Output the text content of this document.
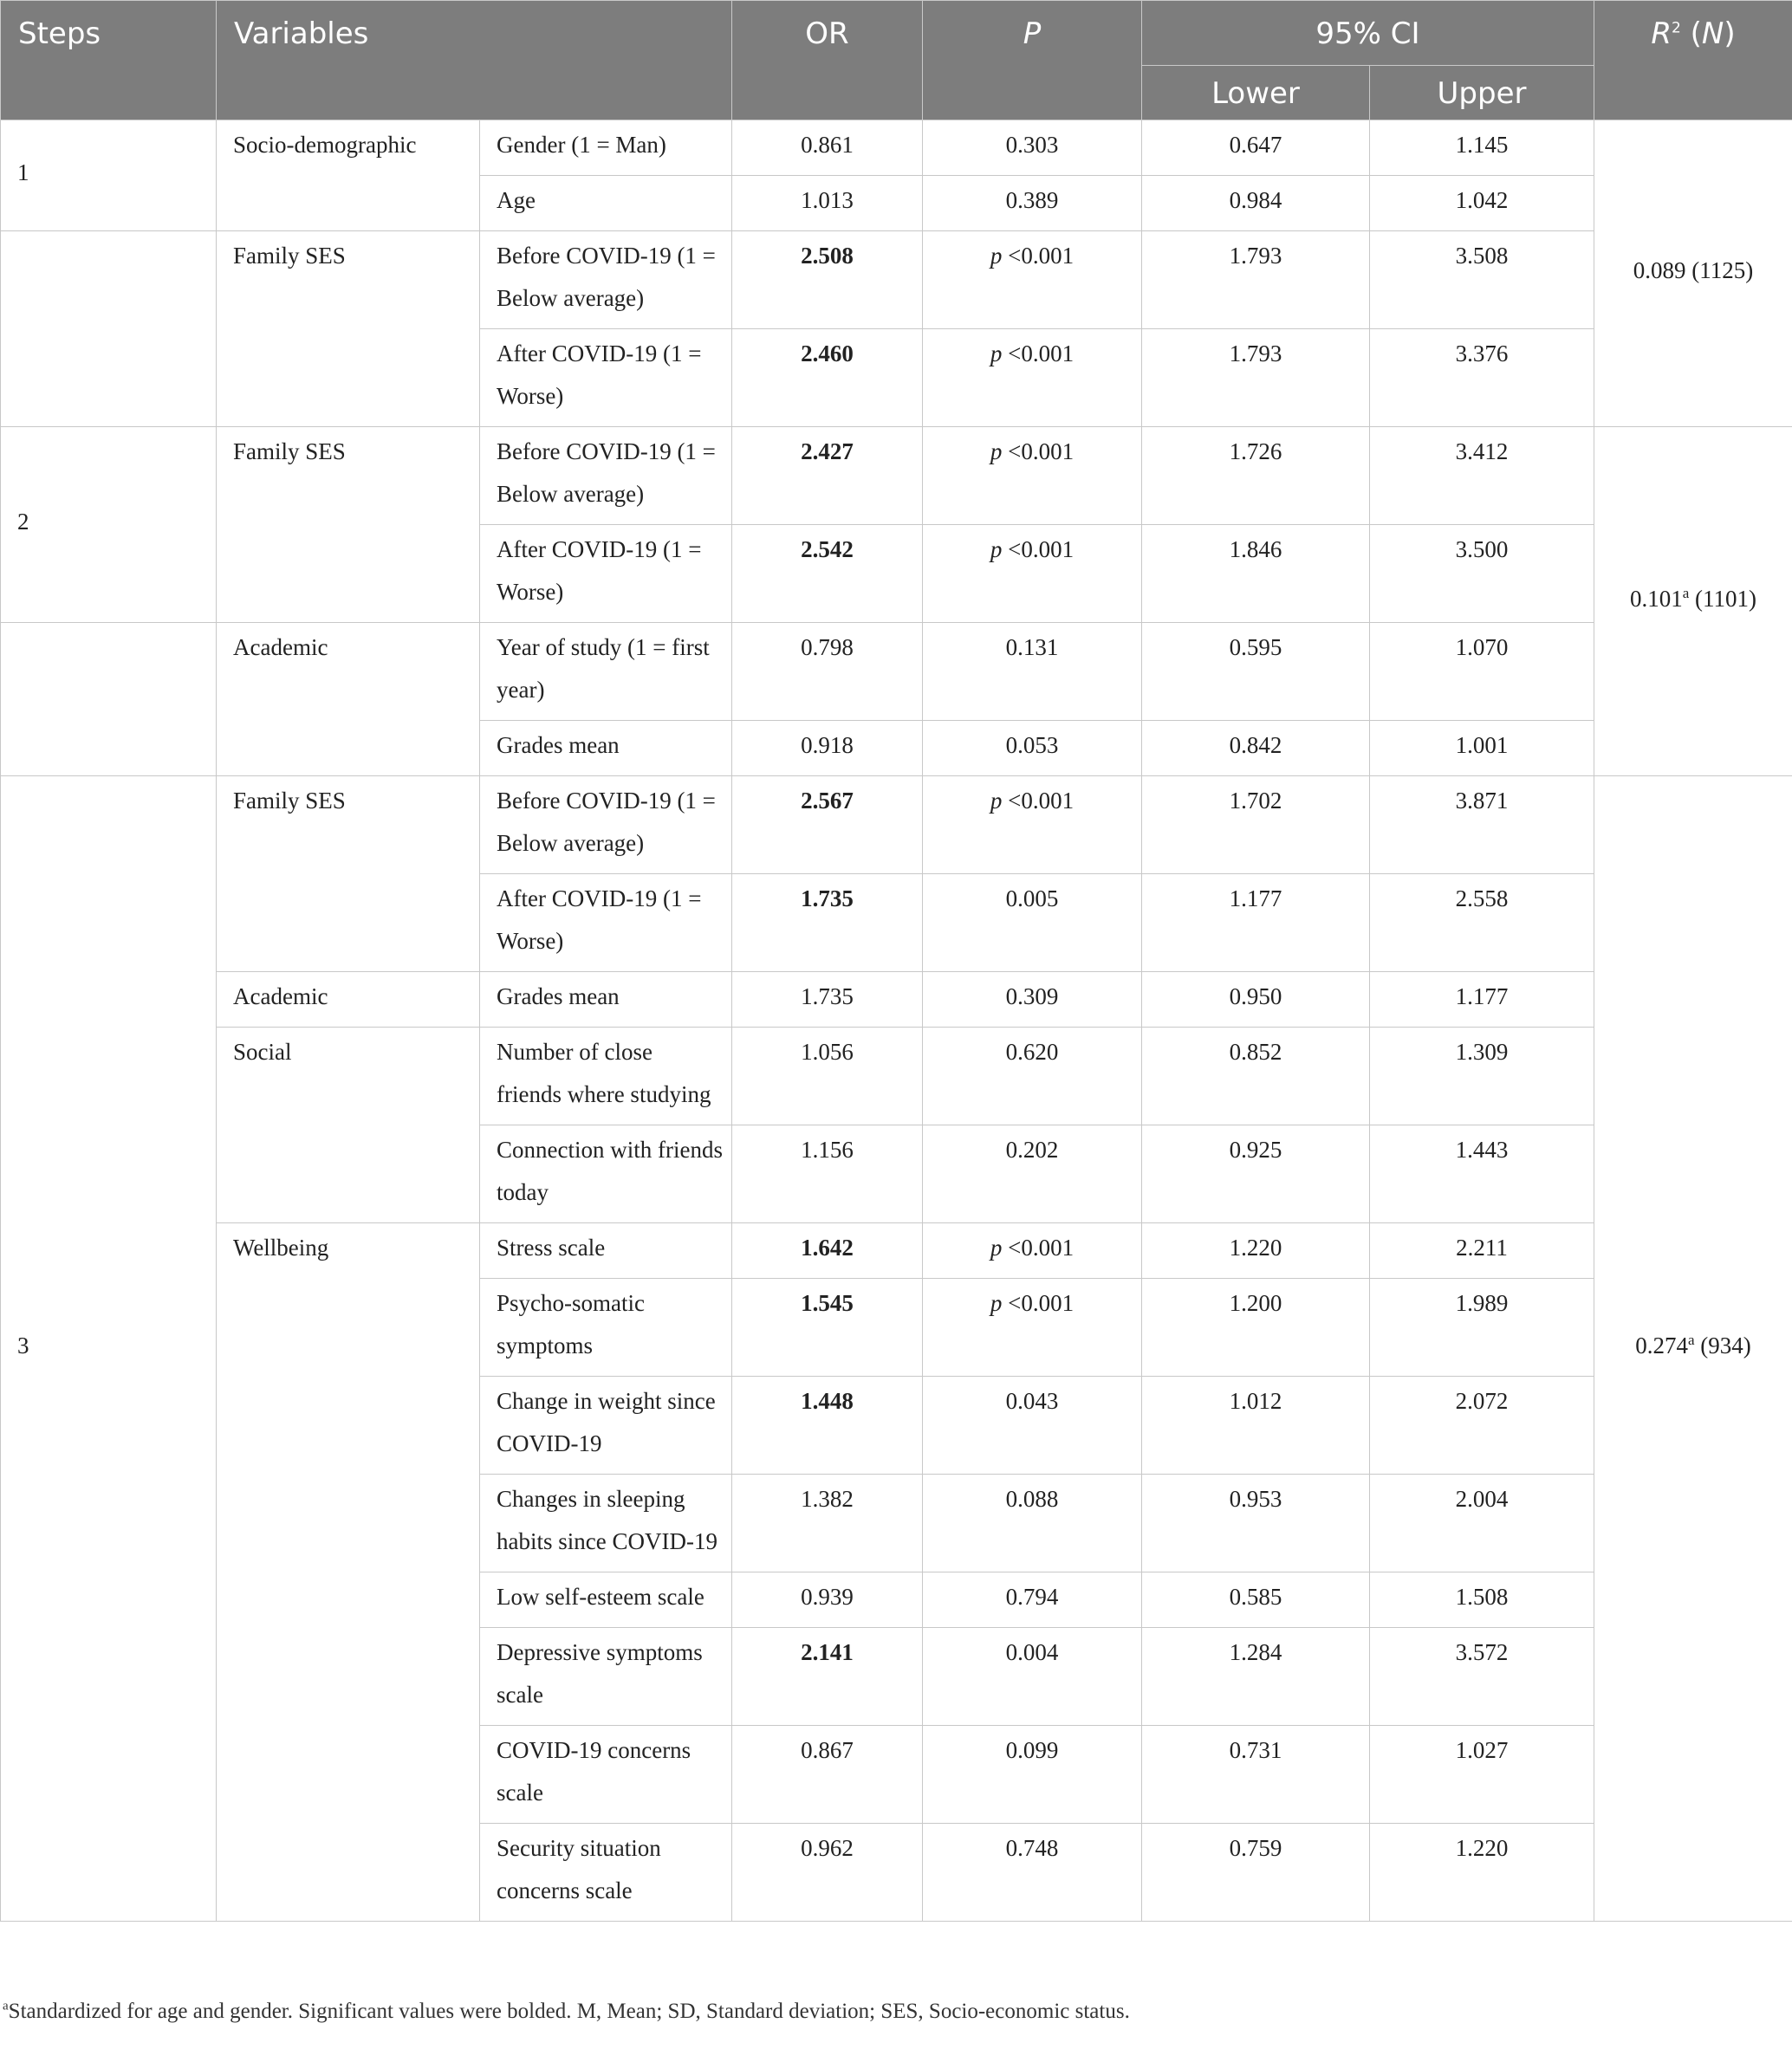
Steps	Variables		OR	P	95% CI		$R^2$ (N)
					Lower	Upper	
1	Socio-demographic	Gender (1 = Man)	0.861	0.303	0.647	1.145	0.089 (1125)
		Age	1.013	0.389	0.984	1.042	
	Family SES	Before COVID-19 (1 = Below average)	2.508	p <0.001	1.793	3.508	
		After COVID-19 (1 = Worse)	2.460	p <0.001	1.793	3.376	
2	Family SES	Before COVID-19 (1 = Below average)	2.427	p <0.001	1.726	3.412	0.101$^a$ (1101)
		After COVID-19 (1 = Worse)	2.542	p <0.001	1.846	3.500	
	Academic	Year of study (1 = first year)	0.798	0.131	0.595	1.070	
		Grades mean	0.918	0.053	0.842	1.001	
3	Family SES	Before COVID-19 (1 = Below average)	2.567	p <0.001	1.702	3.871	0.274$^a$ (934)
		After COVID-19 (1 = Worse)	1.735	0.005	1.177	2.558	
	Academic	Grades mean	1.735	0.309	0.950	1.177	
	Social	Number of close friends where studying	1.056	0.620	0.852	1.309	
		Connection with friends today	1.156	0.202	0.925	1.443	
	Wellbeing	Stress scale	1.642	p <0.001	1.220	2.211	
		Psycho-somatic symptoms	1.545	p <0.001	1.200	1.989	
		Change in weight since COVID-19	1.448	0.043	1.012	2.072	
		Changes in sleeping habits since COVID-19	1.382	0.088	0.953	2.004	
		Low self-esteem scale	0.939	0.794	0.585	1.508	
		Depressive symptoms scale	2.141	0.004	1.284	3.572	
		COVID-19 concerns scale	0.867	0.099	0.731	1.027	
		Security situation concerns scale	0.962	0.748	0.759	1.220	
$^a$Standardized for age and gender. Significant values were bolded. M, Mean; SD, Standard deviation; SES, Socio-economic status.
